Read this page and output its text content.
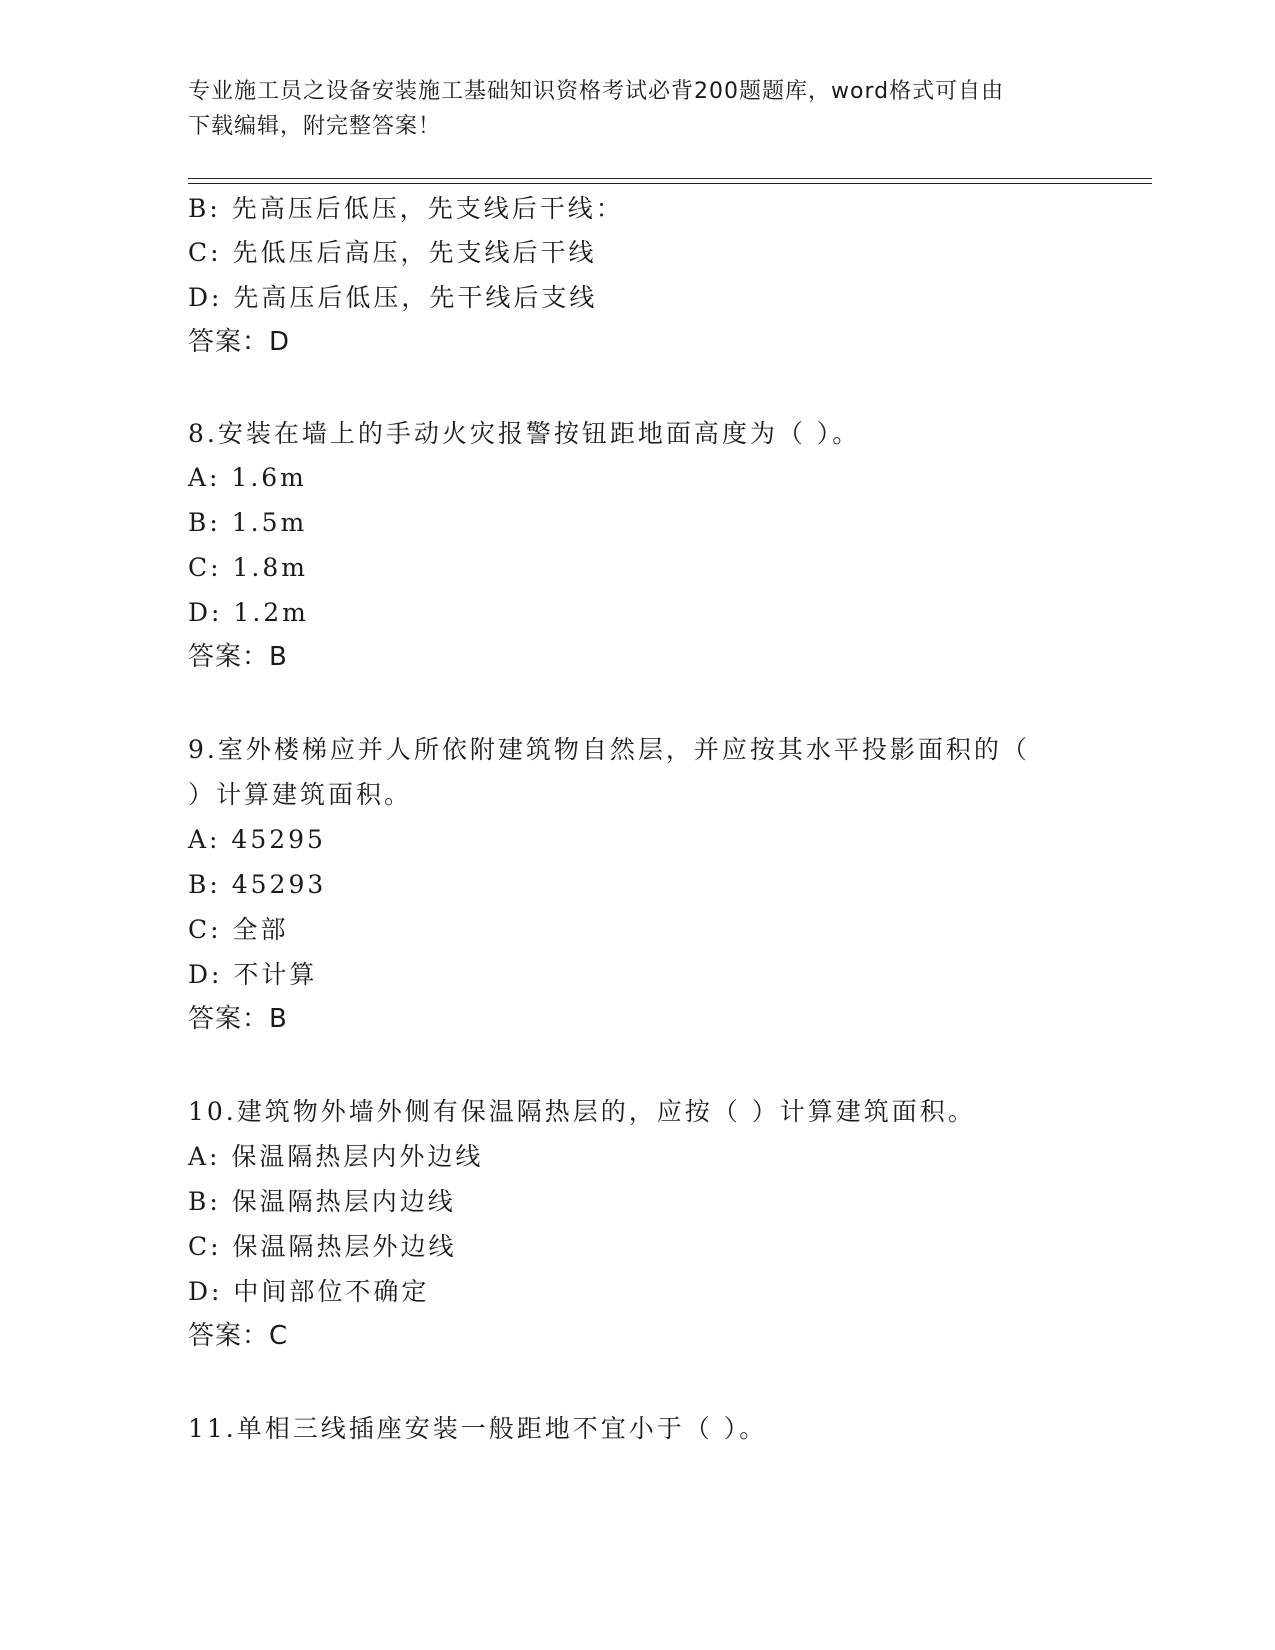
专业施工员之设备安装施工基础知识资格考试必背200题题库，word格式可自由
下载编辑，附完整答案！
B: 先高压后低压，先支线后干线：
C: 先低压后高压，先支线后干线
D: 先高压后低压，先干线后支线
答案：D
8.安装在墙上的手动火灾报警按钮距地面高度为（ ）。
A: 1.6m
B: 1.5m
C: 1.8m
D: 1.2m
答案：B
9.室外楼梯应并人所依附建筑物自然层，并应按其水平投影面积的（
）计算建筑面积。
A: 45295
B: 45293
C: 全部
D: 不计算
答案：B
10.建筑物外墙外侧有保温隔热层的，应按（ ）计算建筑面积。
A: 保温隔热层内外边线
B: 保温隔热层内边线
C: 保温隔热层外边线
D: 中间部位不确定
答案：C
11.单相三线插座安装一般距地不宜小于（ ）。
